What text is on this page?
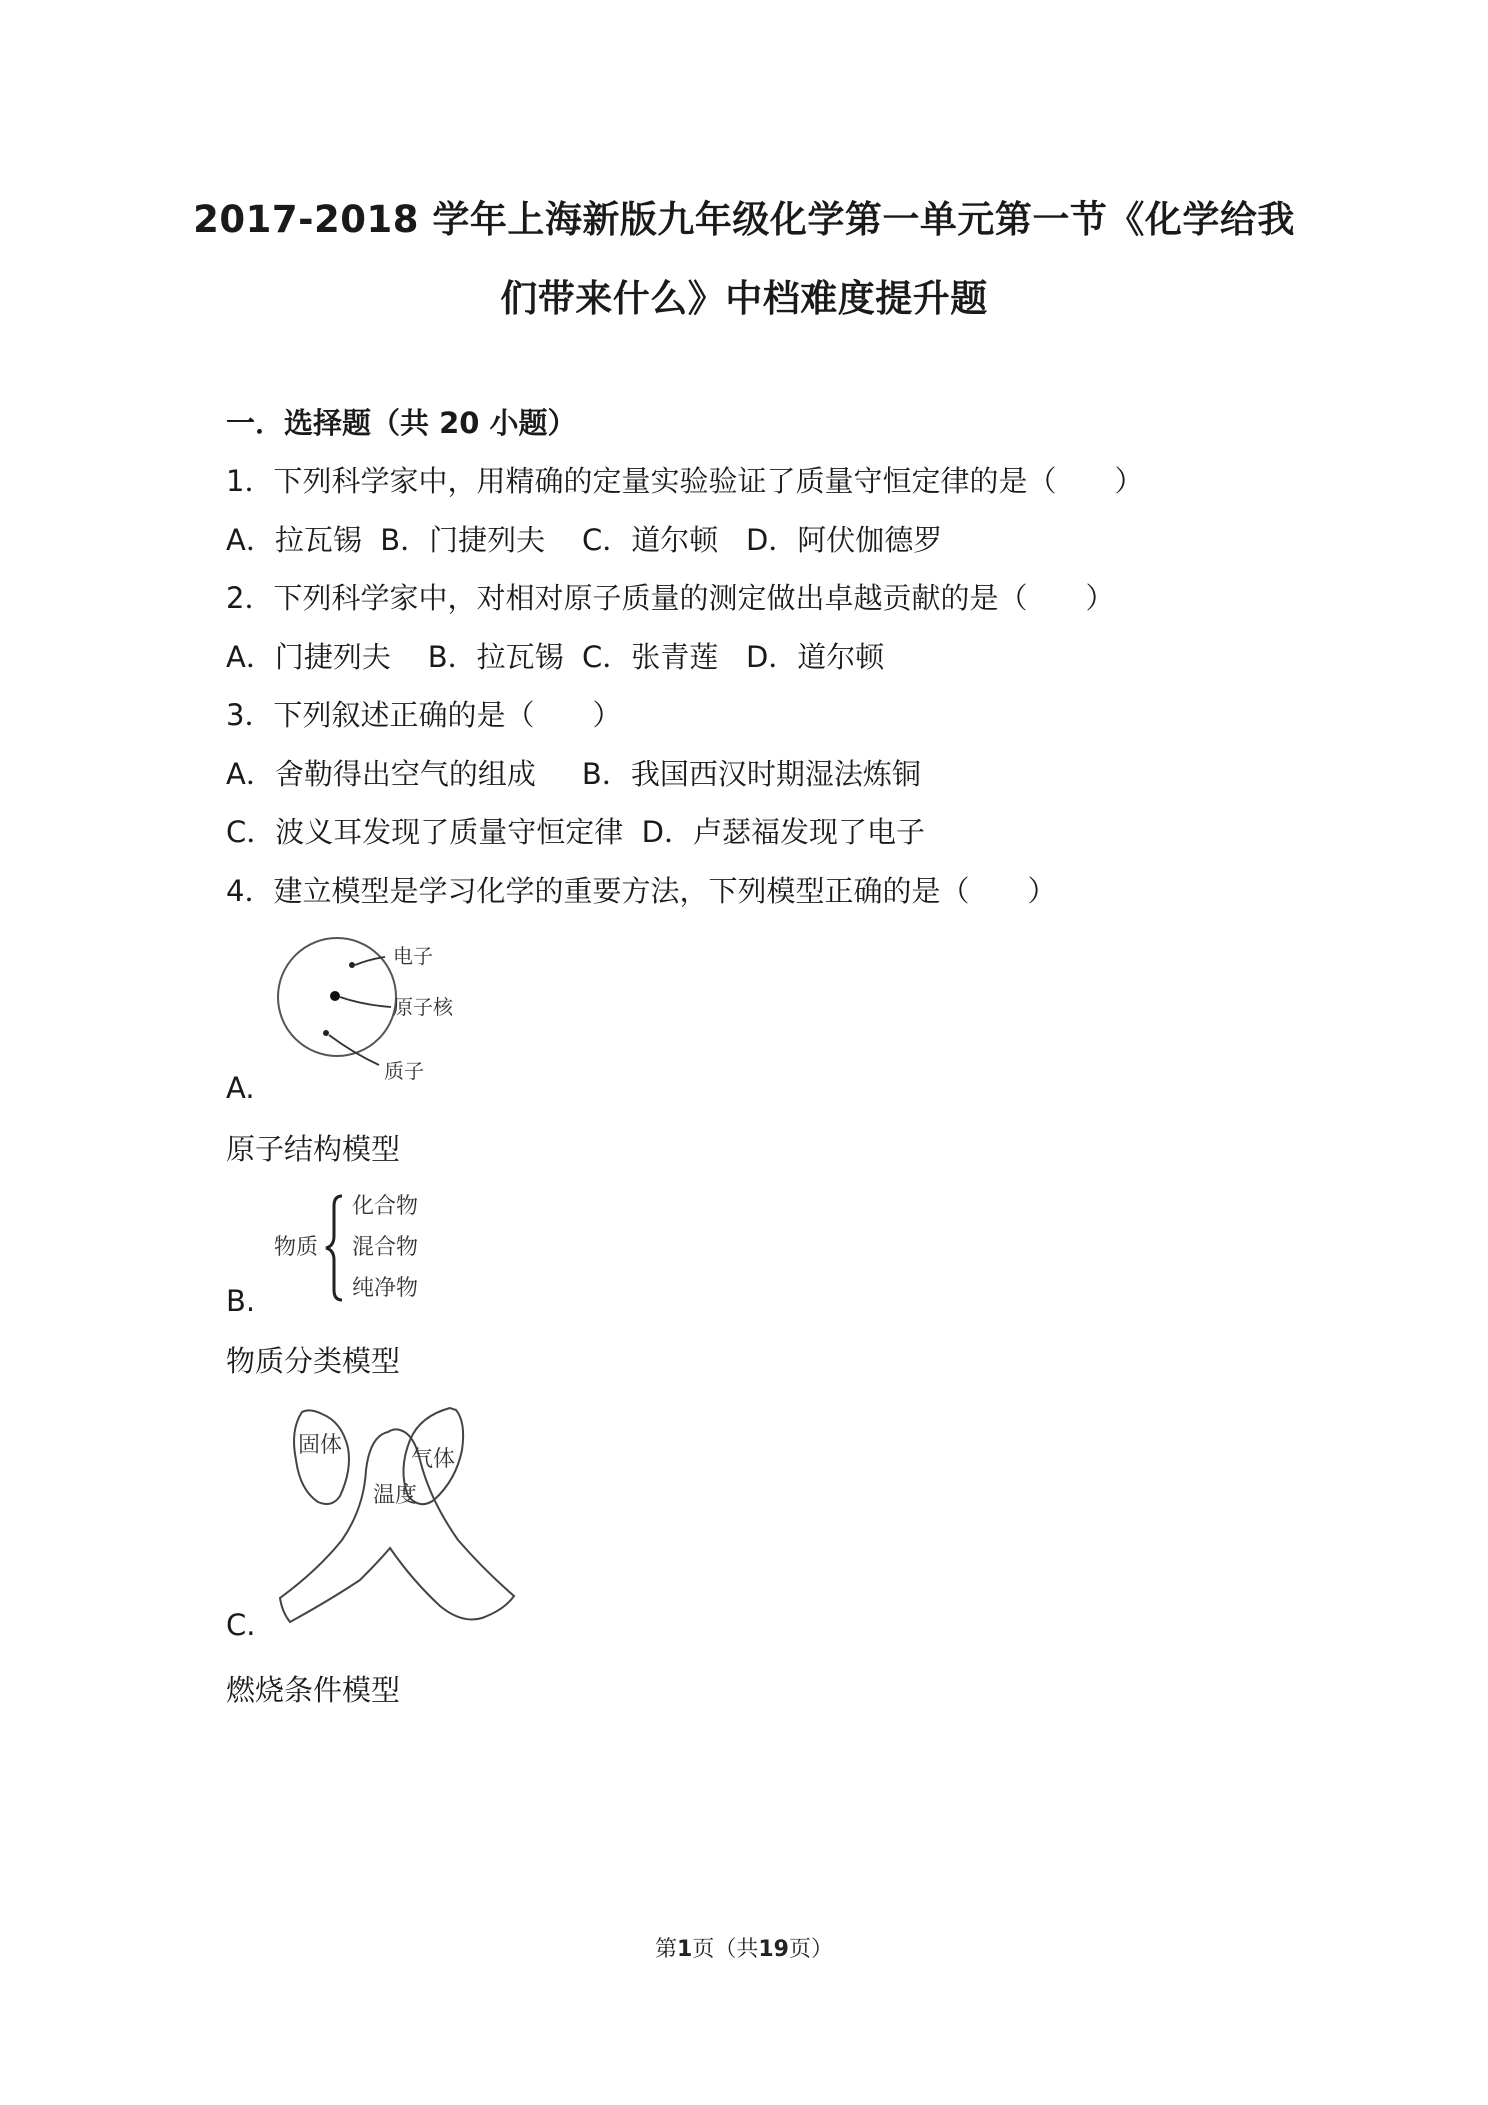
2017-2018 学年上海新版九年级化学第一单元第一节《化学给我
们带来什么》中档难度提升题
一．选择题（共 20 小题）
1．下列科学家中，用精确的定量实验验证了质量守恒定律的是（　　）
A．拉瓦锡  B．门捷列夫    C．道尔顿   D．阿伏伽德罗
2．下列科学家中，对相对原子质量的测定做出卓越贡献的是（　　）
A．门捷列夫    B．拉瓦锡  C．张青莲   D．道尔顿
3．下列叙述正确的是（　　）
A．舍勒得出空气的组成     B．我国西汉时期湿法炼铜
C．波义耳发现了质量守恒定律  D．卢瑟福发现了电子
4．建立模型是学习化学的重要方法，下列模型正确的是（　　）
电子
原子核
质子
A.
原子结构模型
物质
化合物
混合物
纯净物
B.
物质分类模型
固体
温度
气体
C.
燃烧条件模型
第1页（共19页）
